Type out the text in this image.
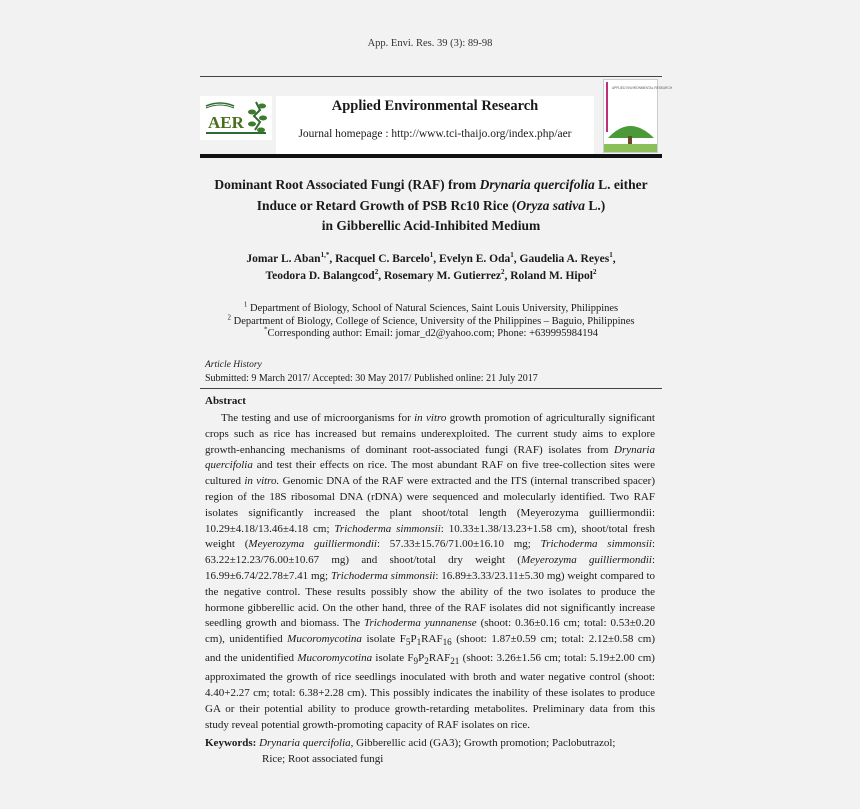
App. Envi. Res. 39 (3): 89-98
AER
Applied Environmental Research
Journal homepage : http://www.tci-thaijo.org/index.php/aer
APPLIED ENVIRONMENTAL RESEARCH
Dominant Root Associated Fungi (RAF) from Drynaria quercifolia L. either
Induce or Retard Growth of PSB Rc10 Rice (Oryza sativa L.)
in Gibberellic Acid-Inhibited Medium
Jomar L. Aban$^{1,*}$, Racquel C. Barcelo$^1$, Evelyn E. Oda$^1$, Gaudelia A. Reyes$^1$,
Teodora D. Balangcod$^2$, Rosemary M. Gutierrez$^2$, Roland M. Hipol$^2$
$^1$ Department of Biology, School of Natural Sciences, Saint Louis University, Philippines
$^2$ Department of Biology, College of Science, University of the Philippines – Baguio, Philippines
*Corresponding author: Email: jomar_d2@yahoo.com; Phone: +639995984194
Article History
Submitted: 9 March 2017/ Accepted: 30 May 2017/ Published online: 21 July 2017
Abstract

The testing and use of microorganisms for in vitro growth promotion of agriculturally significant crops such as rice has increased but remains underexploited. The current study aims to explore growth-enhancing mechanisms of dominant root-associated fungi (RAF) isolates from Drynaria quercifolia and test their effects on rice. The most abundant RAF on five tree-collection sites were cultured in vitro. Genomic DNA of the RAF were extracted and the ITS (internal transcribed spacer) region of the 18S ribosomal DNA (rDNA) were sequenced and molecularly identified. Two RAF isolates significantly increased the plant shoot/total length (Meyerozyma guilliermondii: 10.29±4.18/13.46±4.18 cm; Trichoderma simmonsii: 10.33±1.38/13.23+1.58 cm), shoot/total fresh weight (Meyerozyma guilliermondii: 57.33±15.76/71.00±16.10 mg; Trichoderma simmonsii: 63.22±12.23/76.00±10.67 mg) and shoot/total dry weight (Meyerozyma guilliermondii: 16.99±6.74/22.78±7.41 mg; Trichoderma simmonsii: 16.89±3.33/23.11±5.30 mg) weight compared to the negative control. These results possibly show the ability of the two isolates to produce the hormone gibberellic acid. On the other hand, three of the RAF isolates did not significantly increase seedling growth and biomass. The Trichoderma yunnanense (shoot: 0.36±0.16 cm; total: 0.53±0.20 cm), unidentified Mucoromycotina isolate $F_5P_1RAF_{16}$ (shoot: 1.87±0.59 cm; total: 2.12±0.58 cm) and the unidentified Mucoromycotina isolate $F_9P_2RAF_{21}$ (shoot: 3.26±1.56 cm; total: 5.19±2.00 cm) approximated the growth of rice seedlings inoculated with broth and water negative control (shoot: 4.40+2.27 cm; total: 6.38+2.28 cm). This possibly indicates the inability of these isolates to produce GA or their potential ability to produce growth-retarding metabolites. Preliminary data from this study reveal potential growth-promoting capacity of RAF isolates on rice.

Keywords: Drynaria quercifolia, Gibberellic acid (GA3); Growth promotion; Paclobutrazol;
Rice; Root associated fungi
